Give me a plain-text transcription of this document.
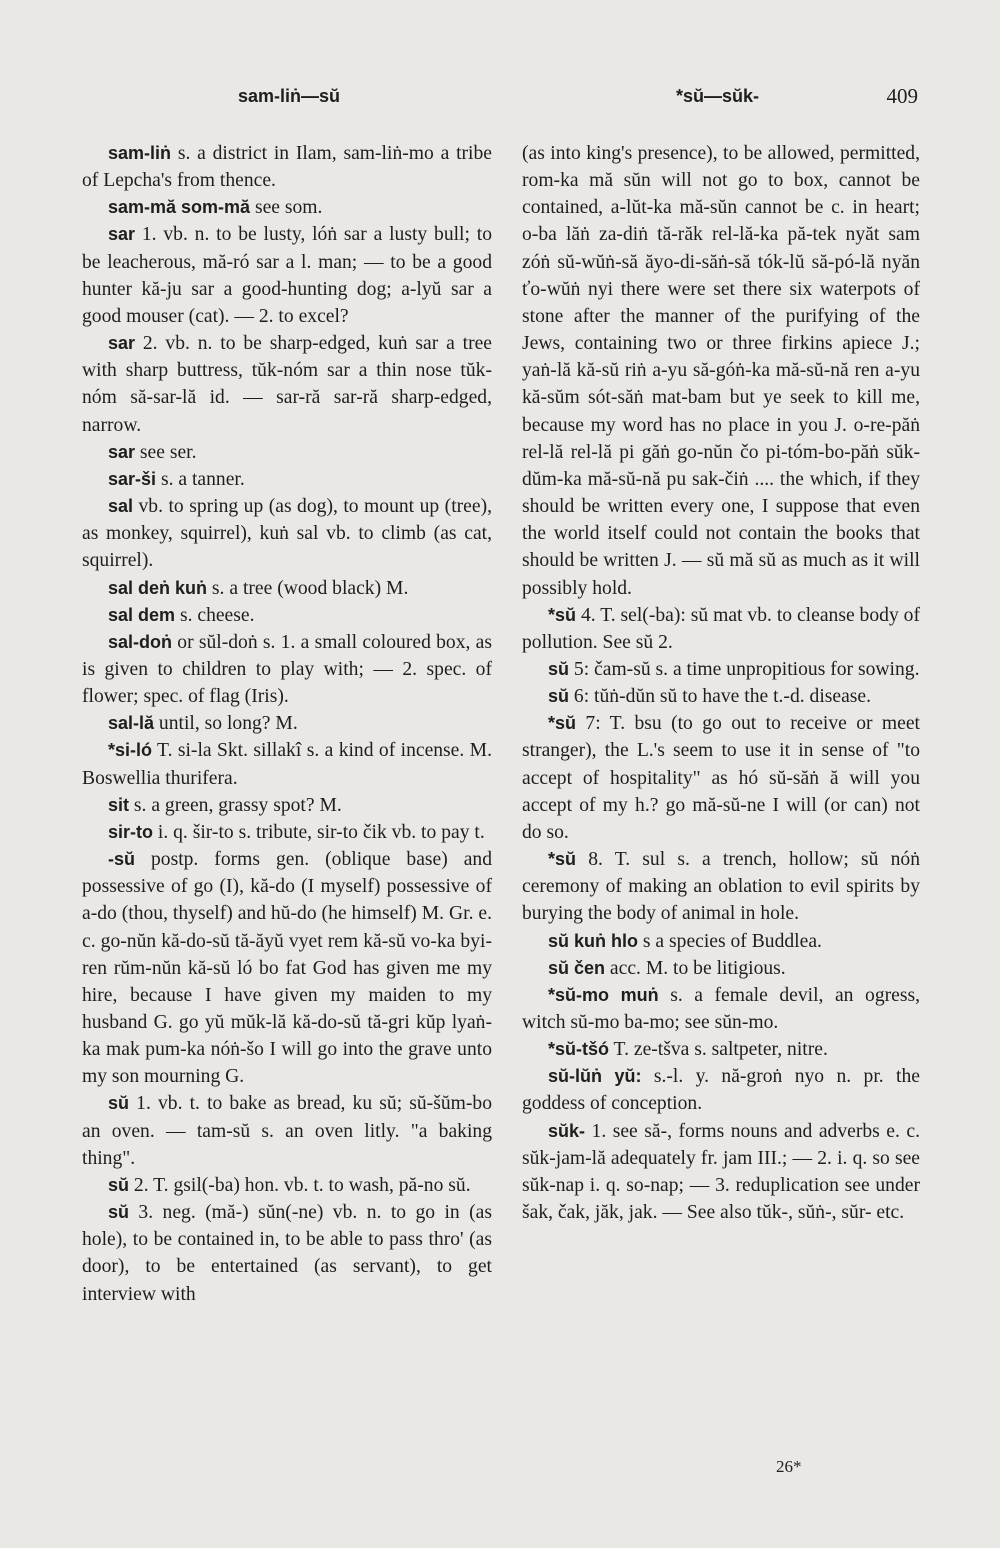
sam-liṅ—sŭ	*sŭ—sŭk-	409

sam-liṅ s. a district in Ilam, sam-liṅ-mo a tribe of Lepcha's from thence.

sam-mă som-mă see som.

sar 1. vb. n. to be lusty, lóṅ sar a lusty bull; to be leacherous, mă-ró sar a l. man; — to be a good hunter kă-ju sar a good-hunting dog; a-lyŭ sar a good mouser (cat). — 2. to excel?

sar 2. vb. n. to be sharp-edged, kuṅ sar a tree with sharp buttress, tŭk-nóm sar a thin nose tŭk-nóm să-sar-lă id. — sar-ră sar-ră sharp-edged, narrow.

sar see ser.

sar-ši s. a tanner.

sal vb. to spring up (as dog), to mount up (tree), as monkey, squirrel), kuṅ sal vb. to climb (as cat, squirrel).

sal deṅ kuṅ s. a tree (wood black) M.

sal dem s. cheese.

sal-doṅ or sŭl-doṅ s. 1. a small coloured box, as is given to children to play with; — 2. spec. of flower; spec. of flag (Iris).

sal-lă until, so long? M.

*si-ló T. si-la Skt. sillakî s. a kind of incense. M. Boswellia thurifera.

sit s. a green, grassy spot? M.

sir-to i. q. šir-to s. tribute, sir-to čik vb. to pay t.

-sŭ postp. forms gen. (oblique base) and possessive of go (I), kă-do (I myself) possessive of a-do (thou, thyself) and hŭ-do (he himself) M. Gr. e. c. go-nŭn kă-do-sŭ tă-ăyŭ vyet rem kă-sŭ vo-ka byi-ren rŭm-nŭn kă-sŭ ló bo fat God has given me my hire, because I have given my maiden to my husband G. go yŭ mŭk-lă kă-do-sŭ tă-gri kŭp lyaṅ-ka mak pum-ka nóṅ-šo I will go into the grave unto my son mourning G.

sŭ 1. vb. t. to bake as bread, ku sŭ; sŭ-šŭm-bo an oven. — tam-sŭ s. an oven litly. "a baking thing".

sŭ 2. T. gsil(-ba) hon. vb. t. to wash, pă-no sŭ.

sŭ 3. neg. (mă-) sŭn(-ne) vb. n. to go in (as hole), to be contained in, to be able to pass thro' (as door), to be entertained (as servant), to get interview with

(as into king's presence), to be allowed, permitted, rom-ka mă sŭn will not go to box, cannot be contained, a-lŭt-ka mă-sŭn cannot be c. in heart; o-ba lăṅ za-diṅ tă-răk rel-lă-ka pă-tek nyăt sam zóṅ sŭ-wŭṅ-să ăyo-di-săṅ-să tók-lŭ să-pó-lă nyăn ťo-wŭṅ nyi there were set there six waterpots of stone after the manner of the purifying of the Jews, containing two or three firkins apiece J.; yaṅ-lă kă-sŭ riṅ a-yu să-góṅ-ka mă-sŭ-nă ren a-yu kă-sŭm sót-săṅ mat-bam but ye seek to kill me, because my word has no place in you J. o-re-păṅ rel-lă rel-lă pi găṅ go-nŭn čo pi-tóm-bo-păṅ sŭk-dŭm-ka mă-sŭ-nă pu sak-čiṅ .... the which, if they should be written every one, I suppose that even the world itself could not contain the books that should be written J. — sŭ mă sŭ as much as it will possibly hold.

*sŭ 4. T. sel(-ba): sŭ mat vb. to cleanse body of pollution. See sŭ 2.

sŭ 5: čam-sŭ s. a time unpropitious for sowing.

sŭ 6: tŭṅ-dŭn sŭ to have the t.-d. disease.

*sŭ 7: T. bsu (to go out to receive or meet stranger), the L.'s seem to use it in sense of "to accept of hospitality" as hó sŭ-săṅ ă will you accept of my h.? go mă-sŭ-ne I will (or can) not do so.

*sŭ 8. T. sul s. a trench, hollow; sŭ nóṅ ceremony of making an oblation to evil spirits by burying the body of animal in hole.

sŭ kuṅ hlo s a species of Buddlea.

sŭ čen acc. M. to be litigious.

*sŭ-mo muṅ s. a female devil, an ogress, witch sŭ-mo ba-mo; see sŭn-mo.

*sŭ-tšó T. ze-tšva s. saltpeter, nitre.

sŭ-lŭṅ yŭ: s.-l. y. nă-groṅ nyo n. pr. the goddess of conception.

sŭk- 1. see să-, forms nouns and adverbs e. c. sŭk-jam-lă adequately fr. jam III.; — 2. i. q. so see sŭk-nap i. q. so-nap; — 3. reduplication see under šak, čak, jăk, jak. — See also tŭk-, sŭṅ-, sŭr- etc.

26*
